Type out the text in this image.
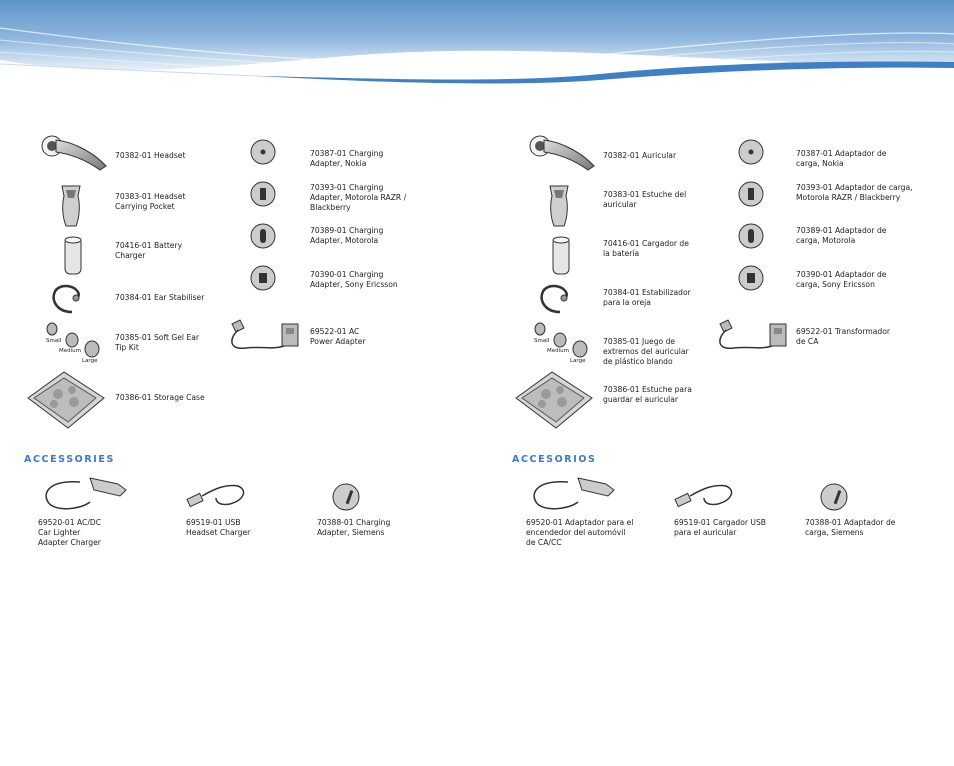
70382-01 Headset
70383-01 Headset
Carrying Pocket
70416-01 Battery
Charger
70384-01 Ear Stabiliser
70385-01 Soft Gel Ear
Tip Kit
70386-01 Storage Case
70387-01 Charging
Adapter, Nokia
70393-01 Charging
Adapter, Motorola RAZR /
Blackberry
70389-01 Charging
Adapter, Motorola
70390-01 Charging
Adapter, Sony Ericsson
69522-01 AC
Power Adapter
Small
Medium
Large
ACCESSORIES
69520-01 AC/DC
Car Lighter
Adapter Charger
69519-01 USB
Headset Charger
70388-01 Charging
Adapter, Siemens
70382-01 Auricular
70383-01 Estuche del
auricular
70416-01 Cargador de
la batería
70384-01 Estabilizador
para la oreja
70385-01 Juego de
extremos del auricular
de plástico blando
70386-01 Estuche para
guardar el auricular
70387-01 Adaptador de
carga, Nokia
70393-01 Adaptador de carga,
Motorola RAZR / Blackberry
70389-01 Adaptador de
carga, Motorola
70390-01 Adaptador de
carga, Sony Ericsson
69522-01 Transformador
de CA
Small
Medium
Large
ACCESORIOS
69520-01 Adaptador para el
encendedor del automóvil
de CA/CC
69519-01 Cargador USB
para el auricular
70388-01 Adaptador de
carga, Siemens
